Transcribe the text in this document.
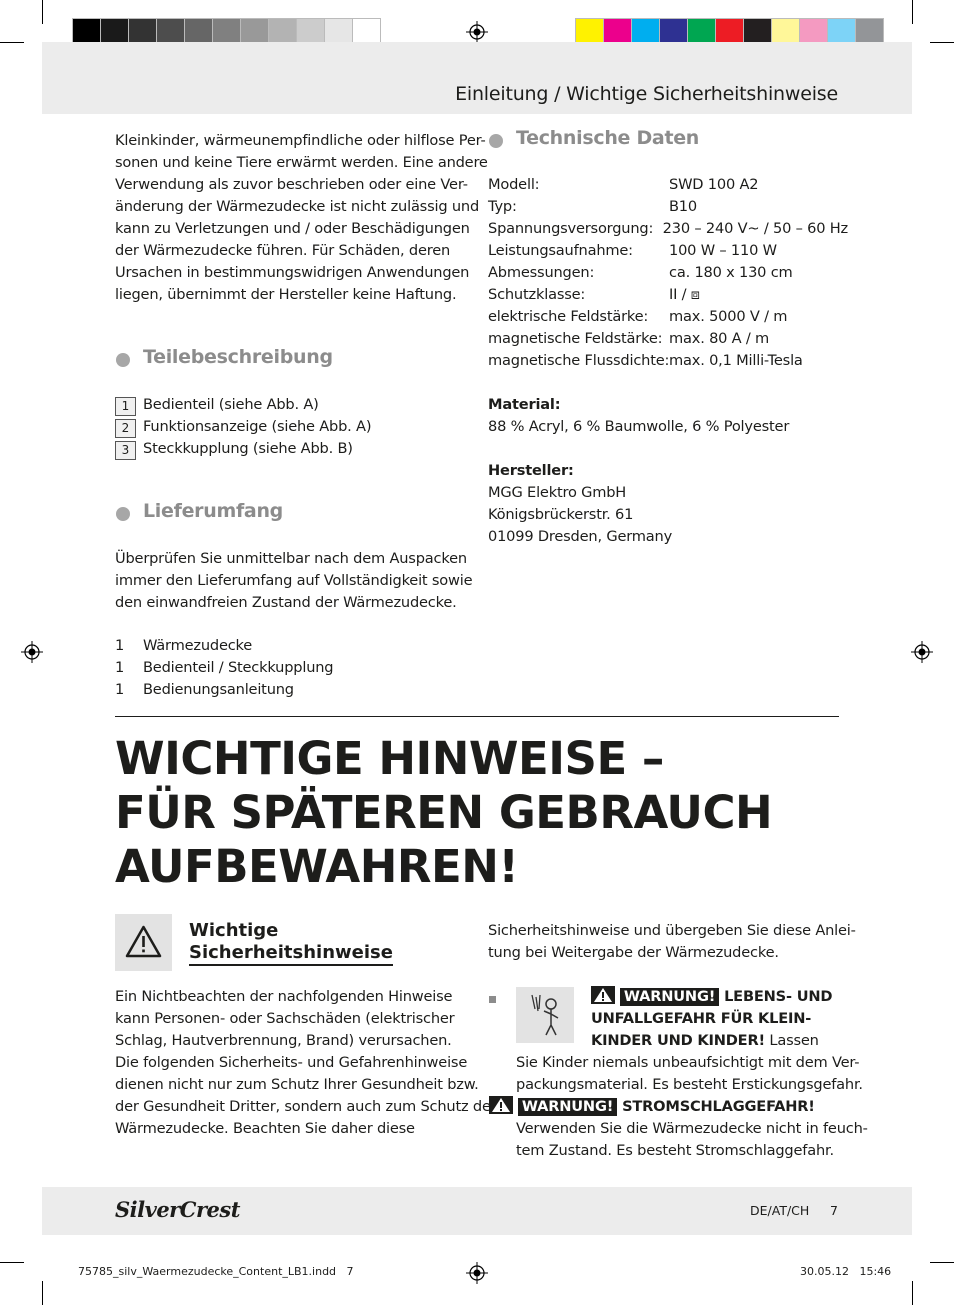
Einleitung / Wichtige Sicherheitshinweise
Kleinkinder, wärmeunempfindliche oder hilflose Per-
sonen und keine Tiere erwärmt werden. Eine andere
Verwendung als zuvor beschrieben oder eine Ver-
änderung der Wärmezudecke ist nicht zulässig und
kann zu Verletzungen und / oder Beschädigungen
der Wärmezudecke führen. Für Schäden, deren
Ursachen in bestimmungswidrigen Anwendungen
liegen, übernimmt der Hersteller keine Haftung.
Teilebeschreibung
1 Bedienteil (siehe Abb. A)
2 Funktionsanzeige (siehe Abb. A)
3 Steckkupplung (siehe Abb. B)
Lieferumfang
Überprüfen Sie unmittelbar nach dem Auspacken
immer den Lieferumfang auf Vollständigkeit sowie
den einwandfreien Zustand der Wärmezudecke.
1 Wärmezudecke
1 Bedienteil / Steckkupplung
1 Bedienungsanleitung
Technische Daten
Modell:	SWD 100 A2
Typ:	B10
Spannungsversorgung: 230 – 240 V~ / 50 – 60 Hz
Leistungsaufnahme:	100 W – 110 W
Abmessungen:	ca. 180 x 130 cm
Schutzklasse:	II / ⧈
elektrische Feldstärke:	max. 5000 V / m
magnetische Feldstärke: max. 80 A / m
magnetische Flussdichte: max. 0,1 Milli-Tesla
Material:
88 % Acryl, 6 % Baumwolle, 6 % Polyester
Hersteller:
MGG Elektro GmbH
Königsbrückerstr. 61
01099 Dresden, Germany
WICHTIGE HINWEISE –
FÜR SPÄTEREN GEBRAUCH
AUFBEWAHREN!
Wichtige
Sicherheitshinweise
Ein Nichtbeachten der nachfolgenden Hinweise
kann Personen- oder Sachschäden (elektrischer
Schlag, Hautverbrennung, Brand) verursachen.
Die folgenden Sicherheits- und Gefahrenhinweise
dienen nicht nur zum Schutz Ihrer Gesundheit bzw.
der Gesundheit Dritter, sondern auch zum Schutz der
Wärmezudecke. Beachten Sie daher diese
Sicherheitshinweise und übergeben Sie diese Anlei-
tung bei Weitergabe der Wärmezudecke.
WARNUNG! LEBENS- UND
UNFALLGEFAHR FÜR KLEIN-
KINDER UND KINDER! Lassen
Sie Kinder niemals unbeaufsichtigt mit dem Ver-
packungsmaterial. Es besteht Erstickungsgefahr.
WARNUNG! STROMSCHLAGGEFAHR!
Verwenden Sie die Wärmezudecke nicht in feuch-
tem Zustand. Es besteht Stromschlaggefahr.
SilverCrest	DE/AT/CH 7
75785_silv_Waermezudecke_Content_LB1.indd   7	30.05.12   15:46
